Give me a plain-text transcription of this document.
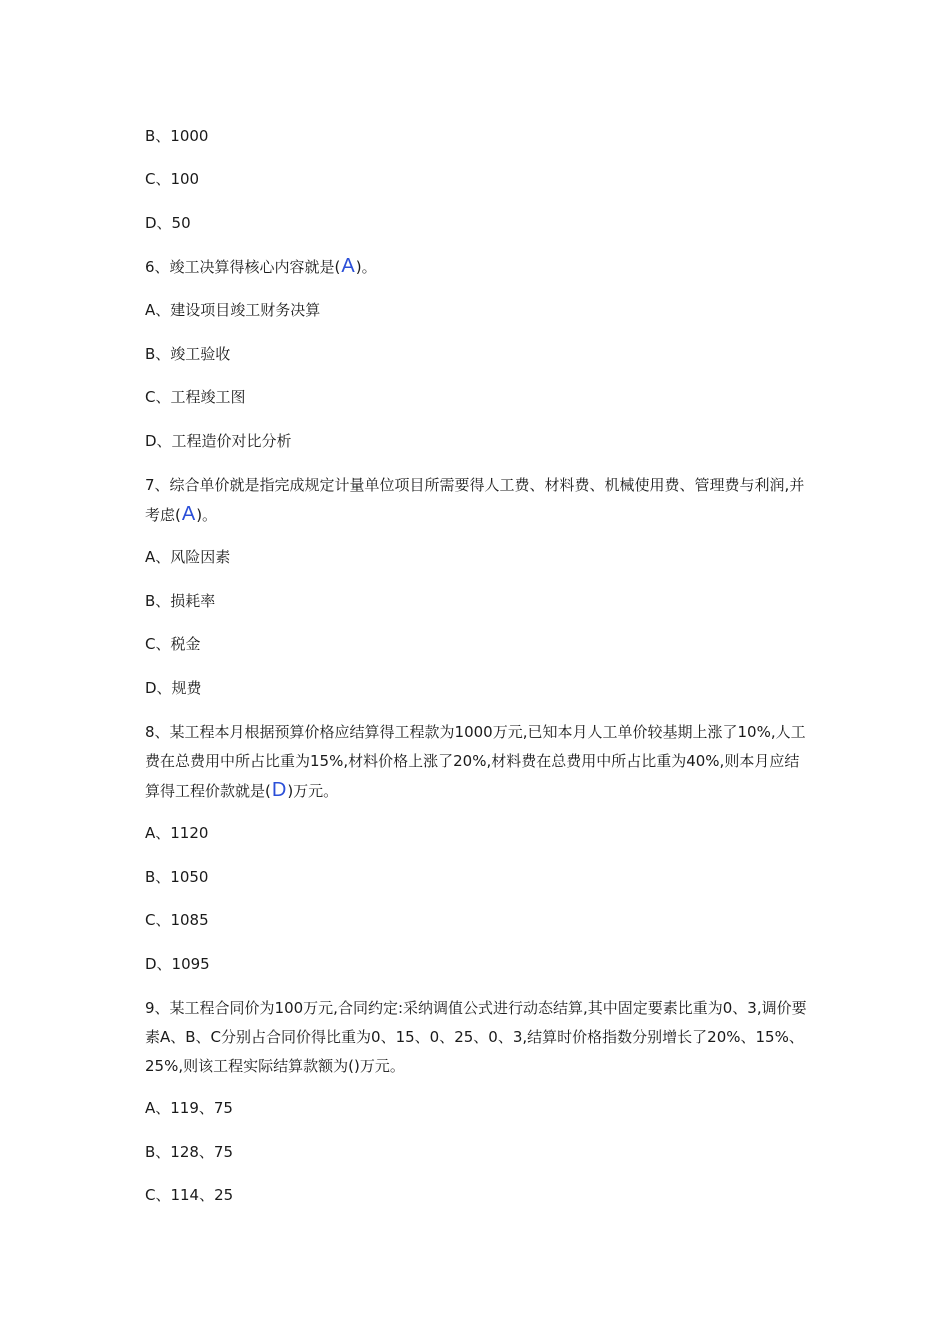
B、1000
C、100
D、50
6、竣工决算得核心内容就是(A)。
A、建设项目竣工财务决算
B、竣工验收
C、工程竣工图
D、工程造价对比分析
7、综合单价就是指完成规定计量单位项目所需要得人工费、材料费、机械使用费、管理费与利润,并考虑(A)。
A、风险因素
B、损耗率
C、税金
D、规费
8、某工程本月根据预算价格应结算得工程款为1000万元,已知本月人工单价较基期上涨了10%,人工费在总费用中所占比重为15%,材料价格上涨了20%,材料费在总费用中所占比重为40%,则本月应结算得工程价款就是(D)万元。
A、1120
B、1050
C、1085
D、1095
9、某工程合同价为100万元,合同约定:采纳调值公式进行动态结算,其中固定要素比重为0、3,调价要素A、B、C分别占合同价得比重为0、15、0、25、0、3,结算时价格指数分别增长了20%、15%、25%,则该工程实际结算款额为()万元。
A、119、75
B、128、75
C、114、25
